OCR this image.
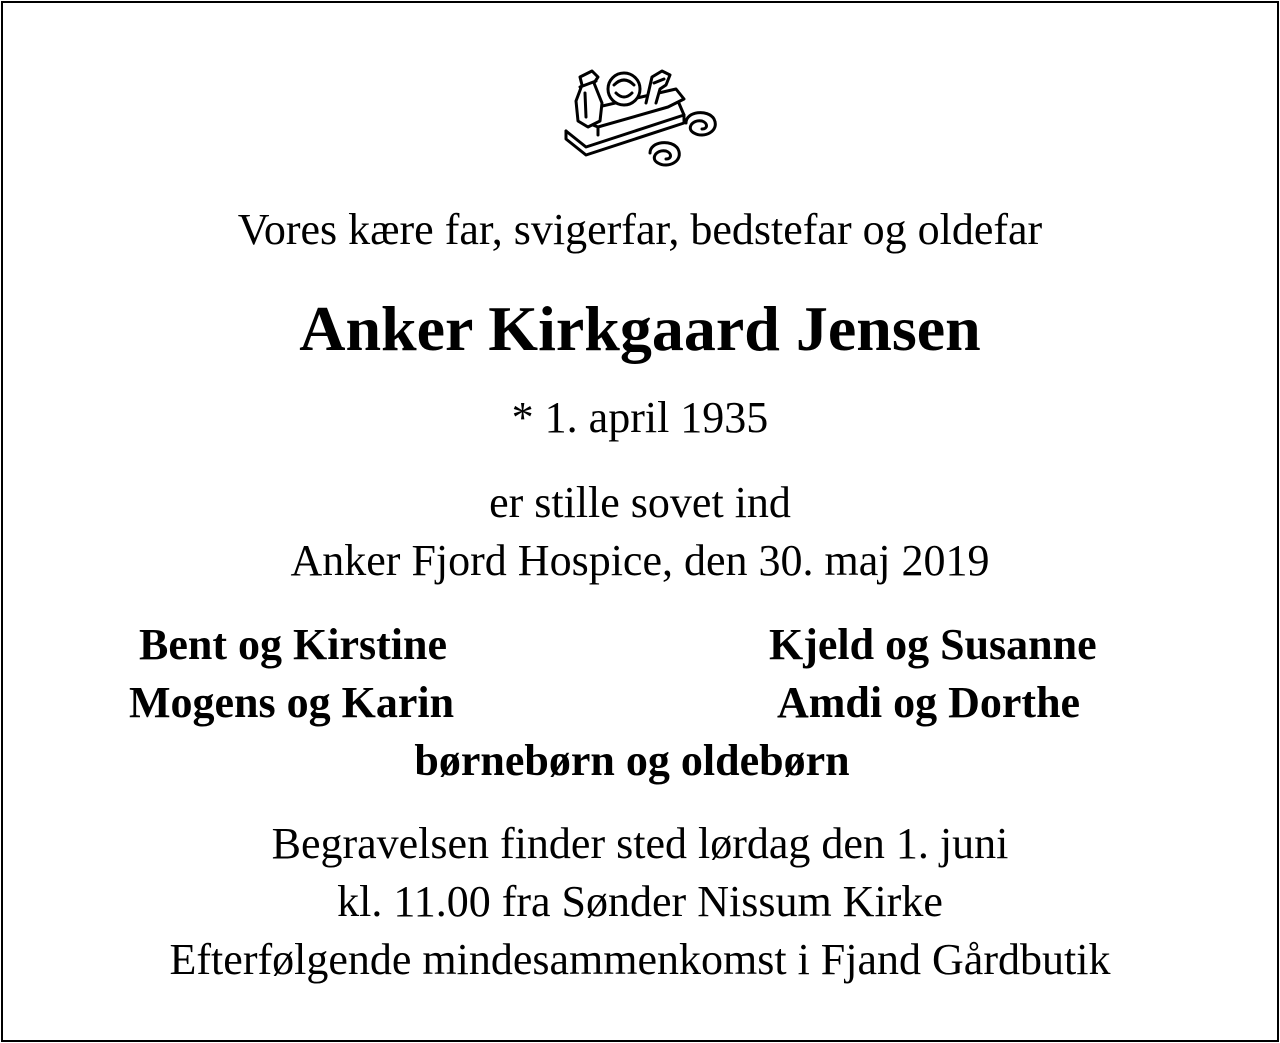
Vores kære far, svigerfar, bedstefar og oldefar
Anker Kirkgaard Jensen
* 1. april 1935
er stille sovet ind
Anker Fjord Hospice, den 30. maj 2019
Bent og Kirstine	Kjeld og Susanne
Mogens og Karin	Amdi og Dorthe
børnebørn og oldebørn
Begravelsen finder sted lørdag den 1. juni
kl. 11.00 fra Sønder Nissum Kirke
Efterfølgende mindesammenkomst i Fjand Gårdbutik
